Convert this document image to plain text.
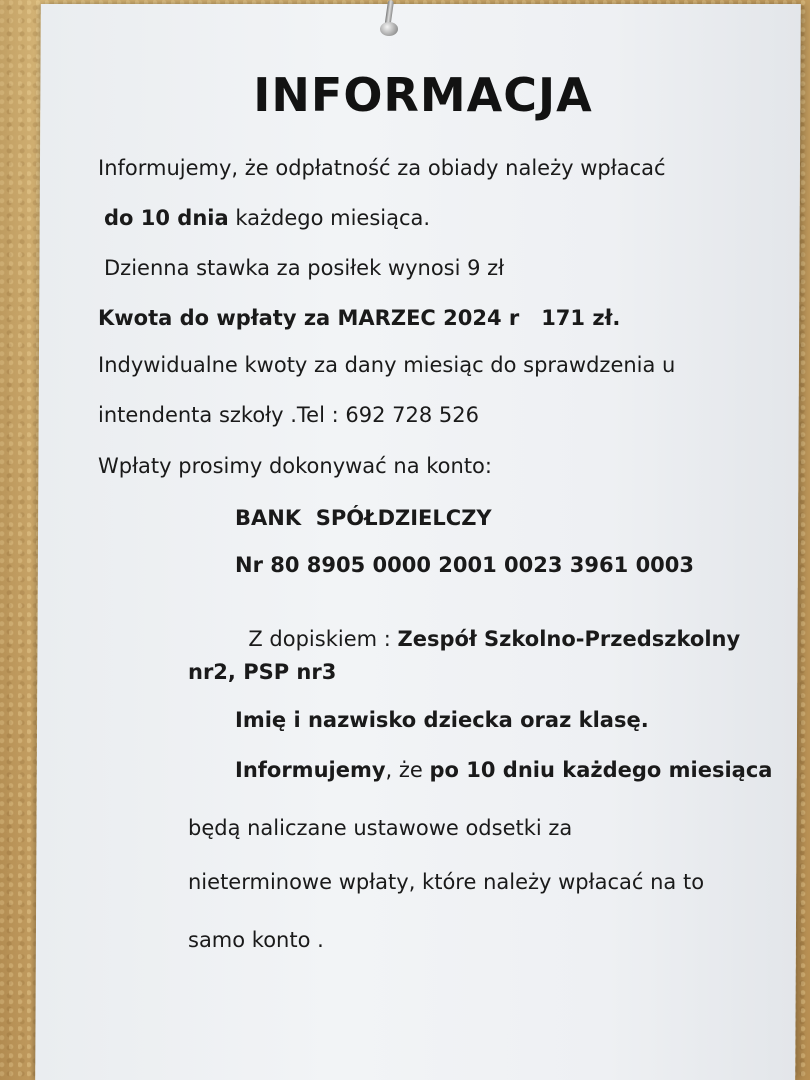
INFORMACJA
Informujemy, że odpłatność za obiady należy wpłacać
do 10 dnia każdego miesiąca.
Dzienna stawka za posiłek wynosi 9 zł
Kwota do wpłaty za MARZEC 2024 r   171 zł.
Indywidualne kwoty za dany miesiąc do sprawdzenia u
intendenta szkoły .Tel : 692 728 526
Wpłaty prosimy dokonywać na konto:
BANK  SPÓŁDZIELCZY
Nr 80 8905 0000 2001 0023 3961 0003

Z dopiskiem : Zespół Szkolno-Przedszkolny

nr2, PSP nr3
Imię i nazwisko dziecka oraz klasę.
Informujemy, że po 10 dniu każdego miesiąca
będą naliczane ustawowe odsetki za
nieterminowe wpłaty, które należy wpłacać na to
samo konto .
